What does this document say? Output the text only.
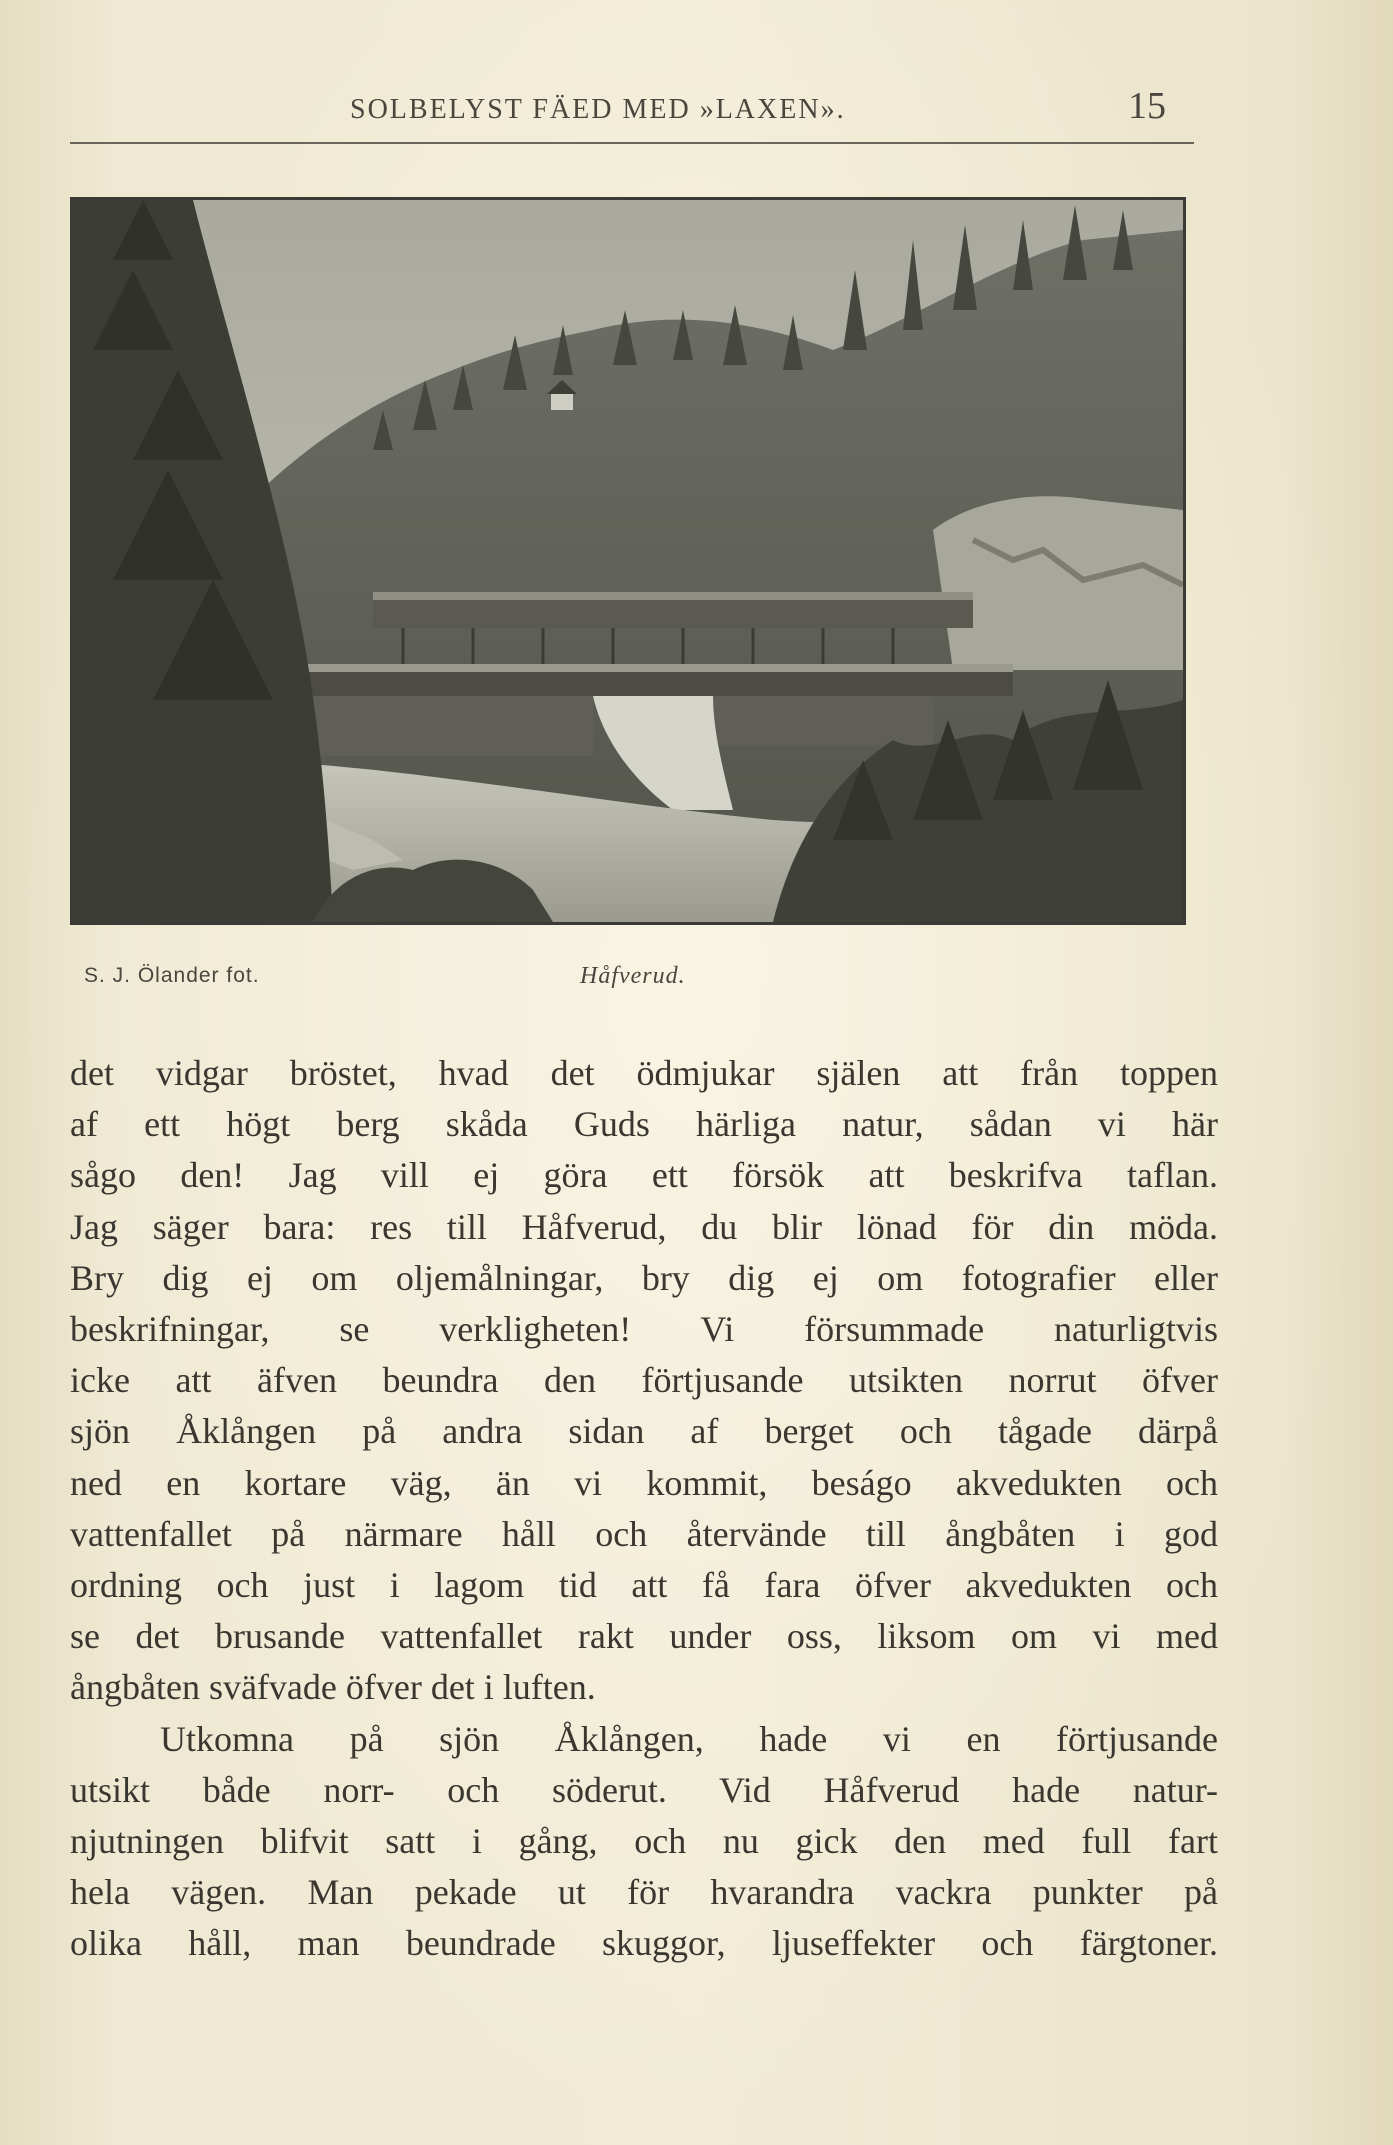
SOLBELYST FÄED MED »LAXEN».	15
S. J. Ölander fot.	Håfverud.
det vidgar bröstet, hvad det ödmjukar själen att från toppen
af ett högt berg skåda Guds härliga natur, sådan vi här
sågo den! Jag vill ej göra ett försök att beskrifva taflan.
Jag säger bara: res till Håfverud, du blir lönad för din möda.
Bry dig ej om oljemålningar, bry dig ej om fotografier eller
beskrifningar, se verkligheten! Vi försummade naturligtvis
icke att äfven beundra den förtjusande utsikten norrut öfver
sjön Åklången på andra sidan af berget och tågade därpå
ned en kortare väg, än vi kommit, beságo akvedukten och
vattenfallet på närmare håll och återvände till ångbåten i god
ordning och just i lagom tid att få fara öfver akvedukten och
se det brusande vattenfallet rakt under oss, liksom om vi med
ångbåten sväfvade öfver det i luften.
Utkomna på sjön Åklången, hade vi en förtjusande
utsikt både norr- och söderut. Vid Håfverud hade natur-
njutningen blifvit satt i gång, och nu gick den med full fart
hela vägen. Man pekade ut för hvarandra vackra punkter på
olika håll, man beundrade skuggor, ljuseffekter och färgtoner.
